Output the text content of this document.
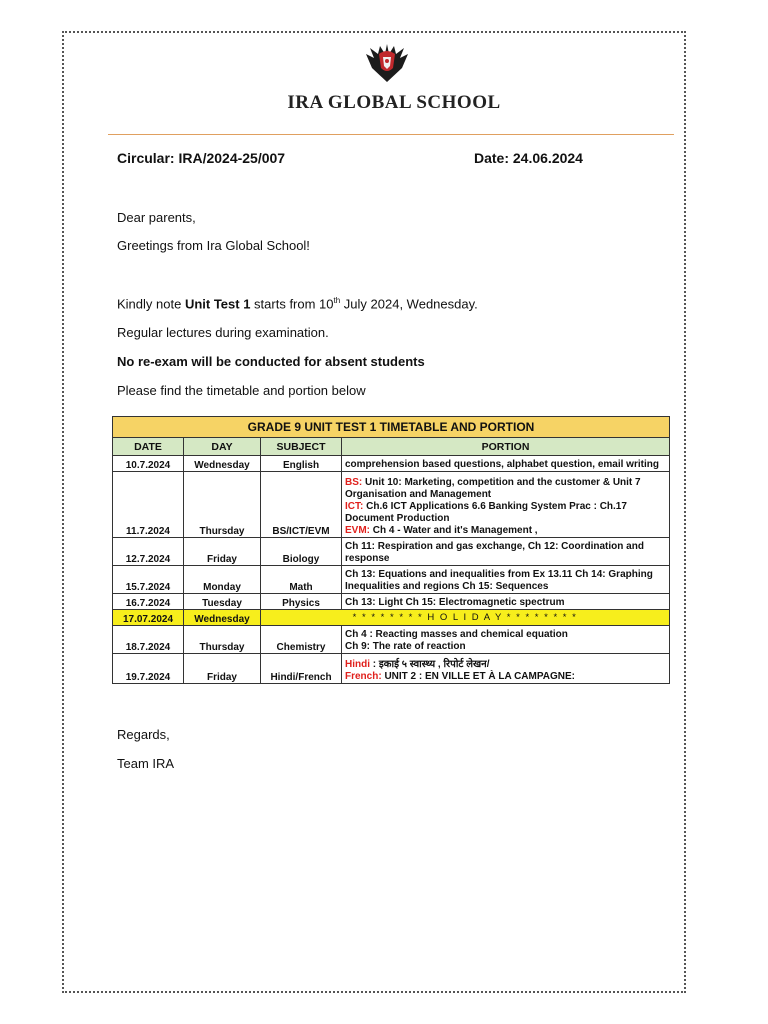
IRA GLOBAL SCHOOL
Circular: IRA/2024-25/007	Date: 24.06.2024
Dear parents,
Greetings from Ira Global School!
Kindly note Unit Test 1 starts from 10th July 2024, Wednesday.
Regular lectures during examination.
No re-exam will be conducted for absent students
Please find the timetable and portion below
GRADE 9 UNIT TEST 1 TIMETABLE AND PORTION			
DATE	DAY	SUBJECT	PORTION
10.7.2024	Wednesday	English	comprehension based questions, alphabet question, email writing
11.7.2024	Thursday	BS/ICT/EVM	BS: Unit 10: Marketing, competition and the customer & Unit 7 Organisation and Management
ICT: Ch.6 ICT Applications 6.6 Banking System Prac : Ch.17 Document Production
EVM: Ch 4 - Water and it's Management ,

12.7.2024	Friday	Biology	Ch 11: Respiration and gas exchange, Ch 12: Coordination and response
15.7.2024	Monday	Math	Ch 13: Equations and inequalities from Ex 13.11 Ch 14: Graphing Inequalities and regions Ch 15: Sequences
16.7.2024	Tuesday	Physics	Ch 13: Light Ch 15: Electromagnetic spectrum
17.07.2024	Wednesday	* * * * * * * * H O L I D A Y * * * * * * * *	
18.7.2024	Thursday	Chemistry	Ch 4 : Reacting masses and chemical equation
Ch 9: The rate of reaction

19.7.2024	Friday	Hindi/French	Hindi : इकाई ५ स्वास्थ्य , रिपोर्ट लेखन/
French: UNIT 2 : EN VILLE ET À LA CAMPAGNE:
Regards,
Team IRA
